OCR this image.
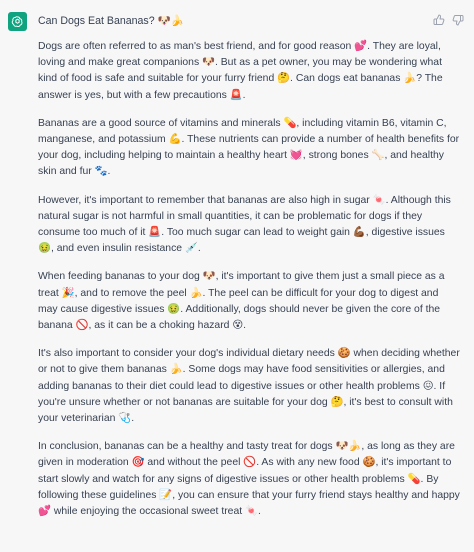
Can Dogs Eat Bananas? 🐶🍌

Dogs are often referred to as man's best friend, and for good reason 💕. They are loyal, loving and make great companions 🐶. But as a pet owner, you may be wondering what kind of food is safe and suitable for your furry friend 🤔. Can dogs eat bananas 🍌? The answer is yes, but with a few precautions 🚨.

Bananas are a good source of vitamins and minerals 💊, including vitamin B6, vitamin C, manganese, and potassium 💪. These nutrients can provide a number of health benefits for your dog, including helping to maintain a healthy heart 💓, strong bones 🦴, and healthy skin and fur 🐾.

However, it's important to remember that bananas are also high in sugar 🍬. Although this natural sugar is not harmful in small quantities, it can be problematic for dogs if they consume too much of it 🚨. Too much sugar can lead to weight gain 💪🏾, digestive issues 🤢, and even insulin resistance 💉.

When feeding bananas to your dog 🐶, it's important to give them just a small piece as a treat 🎉, and to remove the peel 🍌. The peel can be difficult for your dog to digest and may cause digestive issues 🤢. Additionally, dogs should never be given the core of the banana 🚫, as it can be a choking hazard 😵.

It's also important to consider your dog's individual dietary needs 🍪 when deciding whether or not to give them bananas 🍌. Some dogs may have food sensitivities or allergies, and adding bananas to their diet could lead to digestive issues or other health problems 😖. If you're unsure whether or not bananas are suitable for your dog 🤔, it's best to consult with your veterinarian 🩺.

In conclusion, bananas can be a healthy and tasty treat for dogs 🐶🍌, as long as they are given in moderation 🎯 and without the peel 🚫. As with any new food 🍪, it's important to start slowly and watch for any signs of digestive issues or other health problems 💊. By following these guidelines 📝, you can ensure that your furry friend stays healthy and happy 💕 while enjoying the occasional sweet treat 🍬.
